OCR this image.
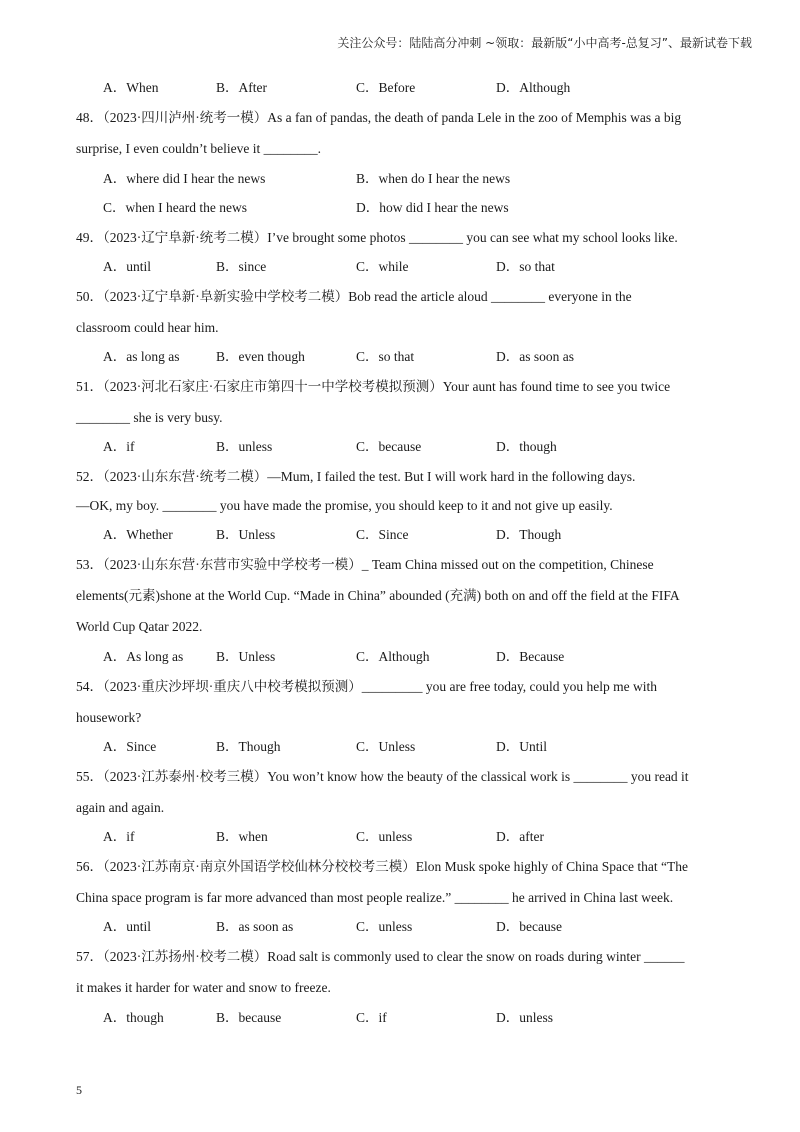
关注公众号：陆陆高分冲刺 ~领取：最新版“小中高考-总复习”、最新试卷下载
A．When	B．After	C．Before	D．Although
48．（2023·四川泸州·统考一模）As a fan of pandas, the death of panda Lele in the zoo of Memphis was a big
surprise, I even couldn’t believe it ________.
A．where did I hear the news	B．when do I hear the news
C．when I heard the news	D．how did I hear the news
49．（2023·辽宁阜新·统考二模）I’ve brought some photos ________ you can see what my school looks like.
A．until	B．since	C．while	D．so that
50．（2023·辽宁阜新·阜新实验中学校考二模）Bob read the article aloud ________ everyone in the
classroom could hear him.
A．as long as	B．even though	C．so that	D．as soon as
51．（2023·河北石家庄·石家庄市第四十一中学校考模拟预测）Your aunt has found time to see you twice
________ she is very busy.
A．if	B．unless	C．because	D．though
52．（2023·山东东营·统考二模）—Mum, I failed the test. But I will work hard in the following days.
—OK, my boy. ________ you have made the promise, you should keep to it and not give up easily.
A．Whether	B．Unless	C．Since	D．Though
53．（2023·山东东营·东营市实验中学校考一模）_ Team China missed out on the competition, Chinese
elements(元素)shone at the World Cup. “Made in China” abounded (充满) both on and off the field at the FIFA
World Cup Qatar 2022.
A．As long as B．Unless	C．Although	D．Because
54．（2023·重庆沙坪坝·重庆八中校考模拟预测）_________ you are free today, could you help me with
housework?
A．Since	B．Though	C．Unless	D．Until
55．（2023·江苏泰州·校考三模）You won’t know how the beauty of the classical work is ________ you read it
again and again.
A．if	B．when	C．unless	D．after
56．（2023·江苏南京·南京外国语学校仙林分校校考三模）Elon Musk spoke highly of China Space that “The
China space program is far more advanced than most people realize.” ________ he arrived in China last week.
A．until	B．as soon as	C．unless	D．because
57．（2023·江苏扬州·校考二模）Road salt is commonly used to clear the snow on roads during winter ______
it makes it harder for water and snow to freeze.
A．though	B．because	C．if	D．unless
5
